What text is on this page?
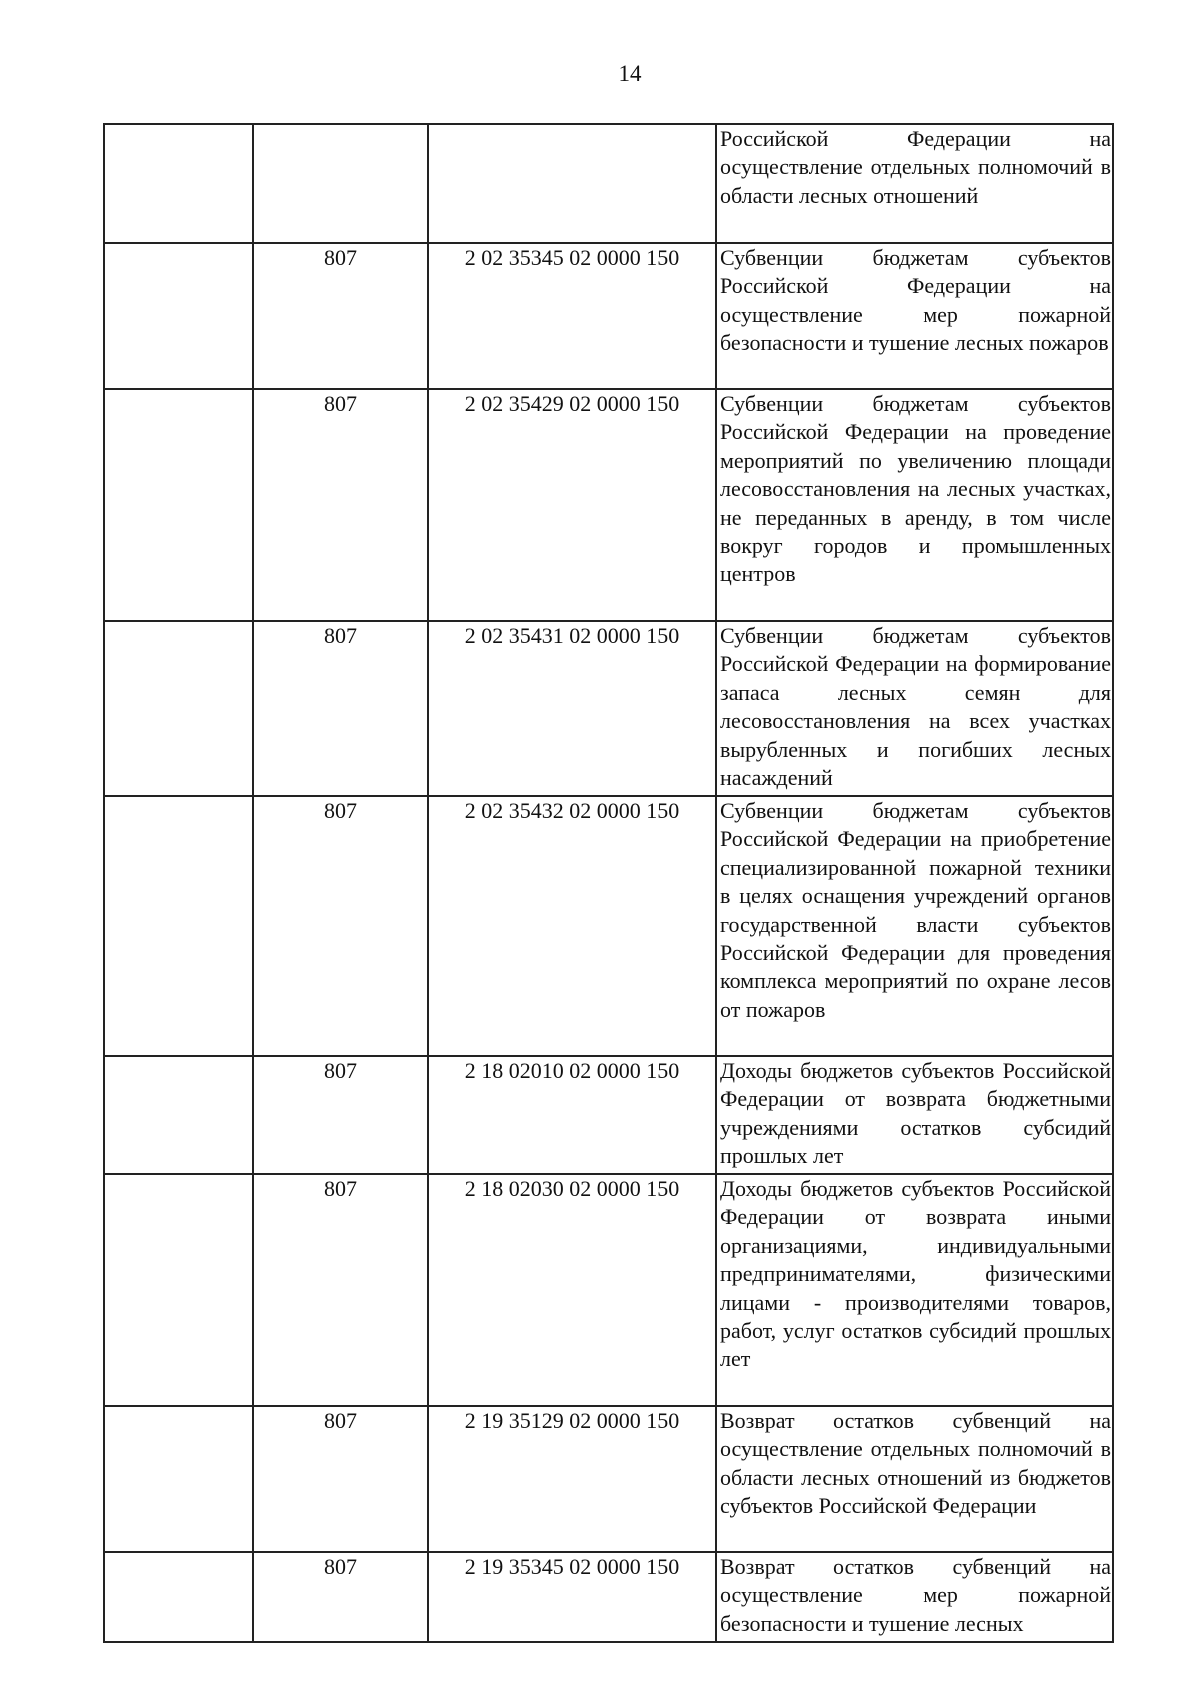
14
			Российской Федерации на осуществление отдельных полномочий в области лесных отношений
	807	2 02 35345 02 0000 150	Субвенции бюджетам субъектов Российской Федерации на осуществление мер пожарной безопасности и тушение лесных пожаров
	807	2 02 35429 02 0000 150	Субвенции бюджетам субъектов Российской Федерации на проведение мероприятий по увеличению площади лесовосстановления на лесных участках, не переданных в аренду, в том числе вокруг городов и промышленных центров
	807	2 02 35431 02 0000 150	Субвенции бюджетам субъектов Российской Федерации на формирование запаса лесных семян для лесовосстановления на всех участках вырубленных и погибших лесных насаждений
	807	2 02 35432 02 0000 150	Субвенции бюджетам субъектов Российской Федерации на приобретение специализированной пожарной техники в целях оснащения учреждений органов государственной власти субъектов Российской Федерации для проведения комплекса мероприятий по охране лесов от пожаров
	807	2 18 02010 02 0000 150	Доходы бюджетов субъектов Российской Федерации от возврата бюджетными учреждениями остатков субсидий прошлых лет
	807	2 18 02030 02 0000 150	Доходы бюджетов субъектов Российской Федерации от возврата иными организациями, индивидуальными предпринимателями, физическими лицами - производителями товаров, работ, услуг остатков субсидий прошлых лет
	807	2 19 35129 02 0000 150	Возврат остатков субвенций на осуществление отдельных полномочий в области лесных отношений из бюджетов субъектов Российской Федерации
	807	2 19 35345 02 0000 150	Возврат остатков субвенций на осуществление мер пожарной безопасности и тушение лесных
